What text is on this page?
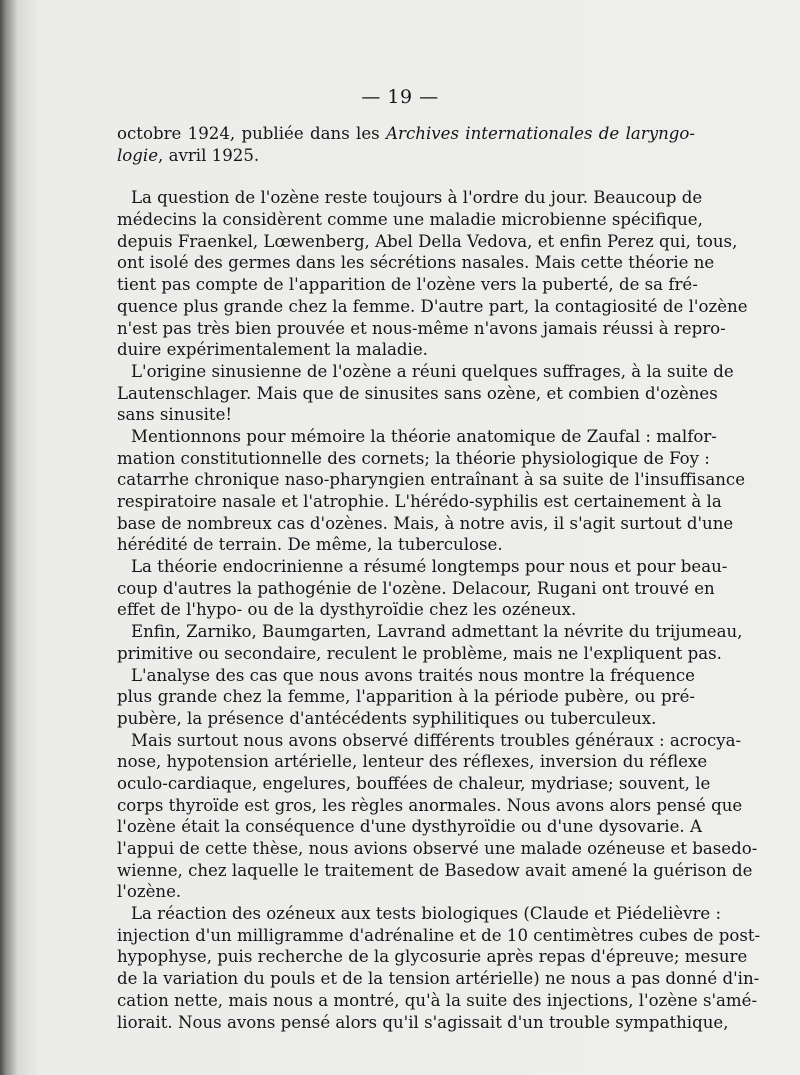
— 19 —
octobre 1924, publiée dans les Archives internationales de laryngo-
logie, avril 1925.
La question de l'ozène reste toujours à l'ordre du jour. Beaucoup de
médecins la considèrent comme une maladie microbienne spécifique,
depuis Fraenkel, Lœwenberg, Abel Della Vedova, et enfin Perez qui, tous,
ont isolé des germes dans les sécrétions nasales. Mais cette théorie ne
tient pas compte de l'apparition de l'ozène vers la puberté, de sa fré-
quence plus grande chez la femme. D'autre part, la contagiosité de l'ozène
n'est pas très bien prouvée et nous-même n'avons jamais réussi à repro-
duire expérimentalement la maladie.
L'origine sinusienne de l'ozène a réuni quelques suffrages, à la suite de
Lautenschlager. Mais que de sinusites sans ozène, et combien d'ozènes
sans sinusite!
Mentionnons pour mémoire la théorie anatomique de Zaufal : malfor-
mation constitutionnelle des cornets; la théorie physiologique de Foy :
catarrhe chronique naso-pharyngien entraînant à sa suite de l'insuffisance
respiratoire nasale et l'atrophie. L'hérédo-syphilis est certainement à la
base de nombreux cas d'ozènes. Mais, à notre avis, il s'agit surtout d'une
hérédité de terrain. De même, la tuberculose.
La théorie endocrinienne a résumé longtemps pour nous et pour beau-
coup d'autres la pathogénie de l'ozène. Delacour, Rugani ont trouvé en
effet de l'hypo- ou de la dysthyroïdie chez les ozéneux.
Enfin, Zarniko, Baumgarten, Lavrand admettant la névrite du trijumeau,
primitive ou secondaire, reculent le problème, mais ne l'expliquent pas.
L'analyse des cas que nous avons traités nous montre la fréquence
plus grande chez la femme, l'apparition à la période pubère, ou pré-
pubère, la présence d'antécédents syphilitiques ou tuberculeux.
Mais surtout nous avons observé différents troubles généraux : acrocya-
nose, hypotension artérielle, lenteur des réflexes, inversion du réflexe
oculo-cardiaque, engelures, bouffées de chaleur, mydriase; souvent, le
corps thyroïde est gros, les règles anormales. Nous avons alors pensé que
l'ozène était la conséquence d'une dysthyroïdie ou d'une dysovarie. A
l'appui de cette thèse, nous avions observé une malade ozéneuse et basedo-
wienne, chez laquelle le traitement de Basedow avait amené la guérison de
l'ozène.
La réaction des ozéneux aux tests biologiques (Claude et Piédelièvre :
injection d'un milligramme d'adrénaline et de 10 centimètres cubes de post-
hypophyse, puis recherche de la glycosurie après repas d'épreuve; mesure
de la variation du pouls et de la tension artérielle) ne nous a pas donné d'in-
cation nette, mais nous a montré, qu'à la suite des injections, l'ozène s'amé-
liorait. Nous avons pensé alors qu'il s'agissait d'un trouble sympathique,
